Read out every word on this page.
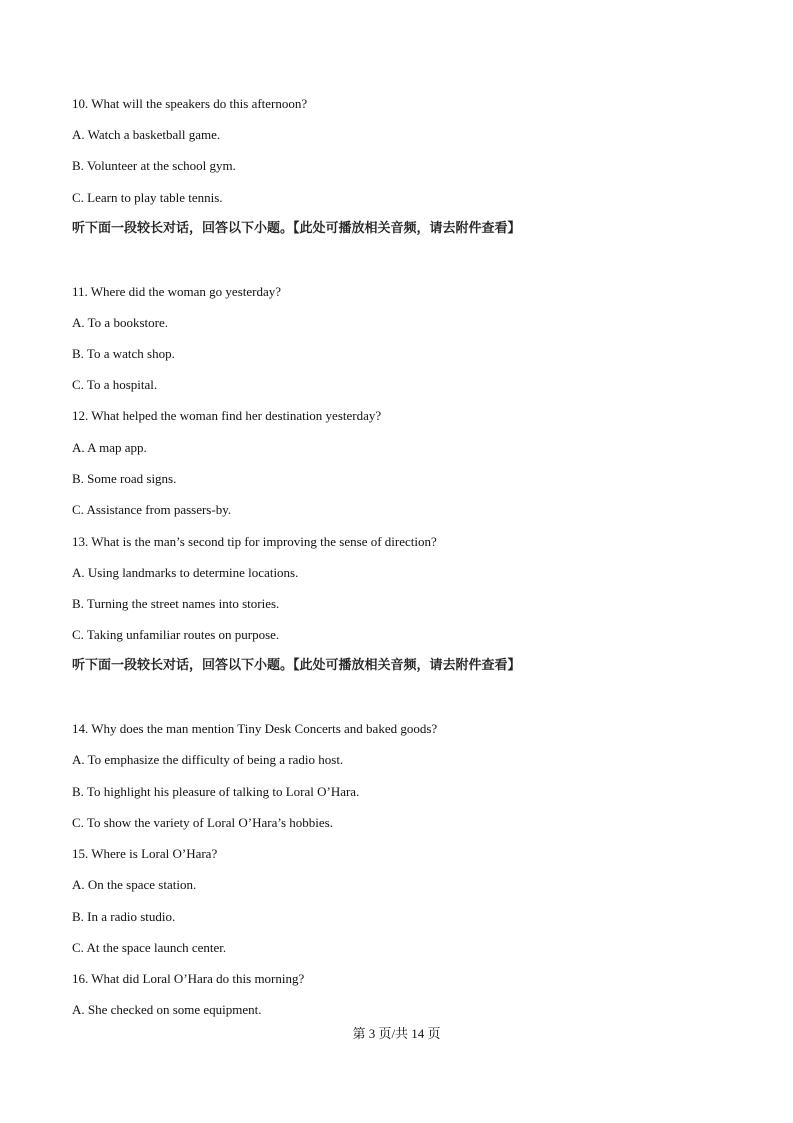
10. What will the speakers do this afternoon?
A. Watch a basketball game.
B. Volunteer at the school gym.
C. Learn to play table tennis.
听下面一段较长对话，回答以下小题。【此处可播放相关音频，请去附件查看】
11. Where did the woman go yesterday?
A. To a bookstore.
B. To a watch shop.
C. To a hospital.
12. What helped the woman find her destination yesterday?
A. A map app.
B. Some road signs.
C. Assistance from passers-by.
13. What is the man’s second tip for improving the sense of direction?
A. Using landmarks to determine locations.
B. Turning the street names into stories.
C. Taking unfamiliar routes on purpose.
听下面一段较长对话，回答以下小题。【此处可播放相关音频，请去附件查看】
14. Why does the man mention Tiny Desk Concerts and baked goods?
A. To emphasize the difficulty of being a radio host.
B. To highlight his pleasure of talking to Loral O’Hara.
C. To show the variety of Loral O’Hara’s hobbies.
15. Where is Loral O’Hara?
A. On the space station.
B. In a radio studio.
C. At the space launch center.
16. What did Loral O’Hara do this morning?
A. She checked on some equipment.
第 3 页/共 14 页
